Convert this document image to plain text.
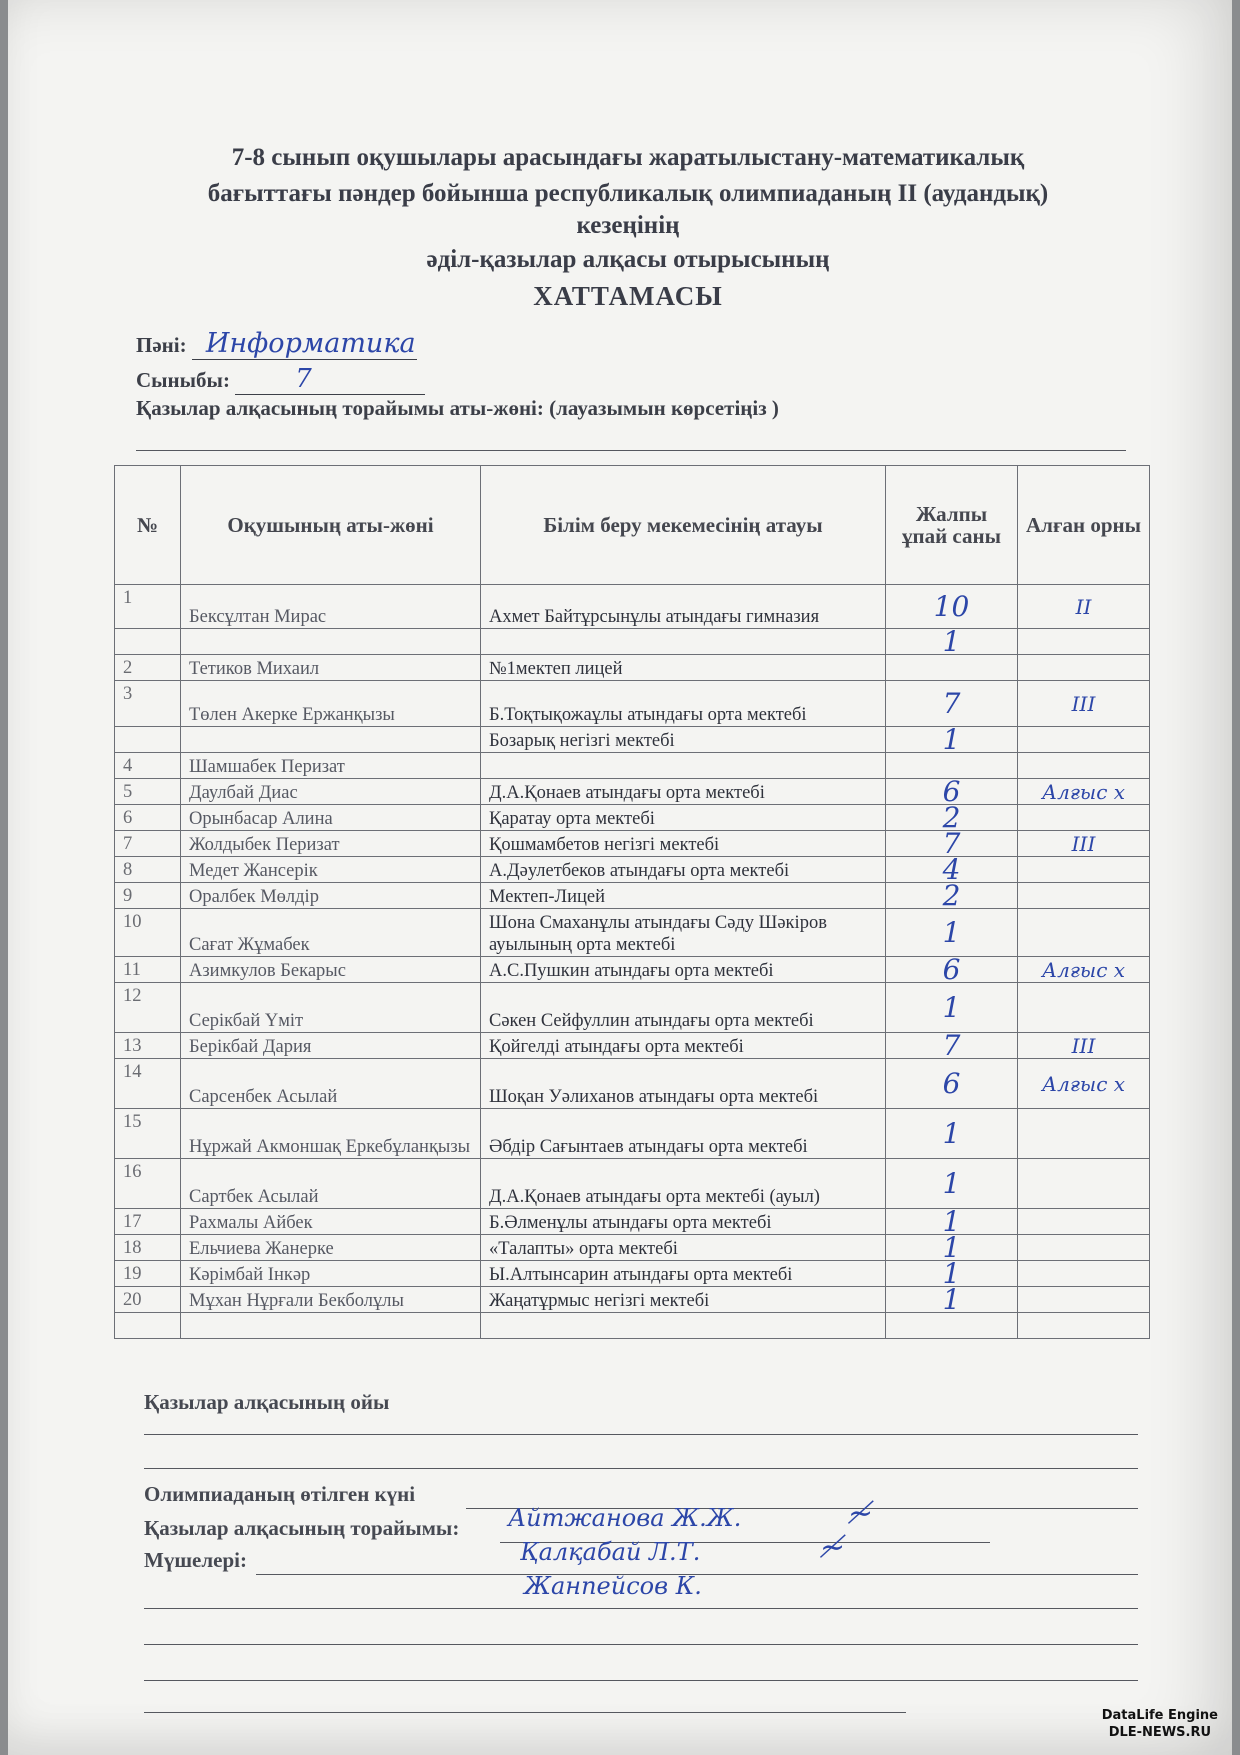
7-8 сынып оқушылары арасындағы жаратылыстану-математикалық
бағыттағы пәндер бойынша республикалық олимпиаданың II (аудандық)
кезеңінің
әділ-қазылар алқасы отырысының
ХАТТАМАСЫ
Пәні: Информатика
Сыныбы:	7
Қазылар алқасының торайымы аты-жөні: (лауазымын көрсетіңіз )
№	Оқушының аты-жөні	Білім беру мекемесінің атауы	Жалпы ұпай саны	Алған орны
1	Бексұлтан Мирас	Ахмет Байтұрсынұлы атындағы гимназия	10	II
			1	
2	Тетиков Михаил	№1мектеп лицей		
3	Төлен Акерке Ержанқызы	Б.Тоқтықожаұлы атындағы орта мектебі	7	III
		Бозарық негізгі мектебі	1	
4	Шамшабек Перизат			
5	Даулбай Диас	Д.А.Қонаев атындағы орта мектебі	6	Алғыс х
6	Орынбасар Алина	Қаратау орта мектебі	2	
7	Жолдыбек Перизат	Қошмамбетов негізгі мектебі	7	III
8	Медет Жансерік	А.Дәулетбеков атындағы орта мектебі	4	
9	Оралбек Мөлдір	Мектеп-Лицей	2	
10	Сағат Жұмабек	Шона Смаханұлы атындағы Сәду Шәкіров ауылының орта мектебі	1	
11	Азимкулов Бекарыс	А.С.Пушкин атындағы орта мектебі	6	Алғыс х
12	Серікбай Үміт	Сәкен Сейфуллин атындағы орта мектебі	1	
13	Берікбай Дария	Қойгелді атындағы орта мектебі	7	III
14	Сарсенбек Асылай	Шоқан Уәлиханов атындағы орта мектебі	6	Алғыс х
15	Нұржай Акмоншақ Еркебұланқызы	Әбдір Сағынтаев атындағы орта мектебі	1	
16	Сартбек Асылай	Д.А.Қонаев атындағы орта мектебі (ауыл)	1	
17	Рахмалы Айбек	Б.Әлменұлы атындағы орта мектебі	1	
18	Ельчиева Жанерке	«Талапты» орта мектебі	1	
19	Кәрімбай Інкәр	Ы.Алтынсарин атындағы орта мектебі	1	
20	Мұхан Нұрғали Бекболұлы	Жаңатұрмыс негізгі мектебі	1	

Қазылар алқасының ойы
Олимпиаданың өтілген күні
Қазылар алқасының торайымы: Айтжанова Ж.Ж.	≁
Мүшелері:	Қалқабай Л.Т.	≁
Жанпейсов К.
DataLife Engine
DLE-NEWS.RU
